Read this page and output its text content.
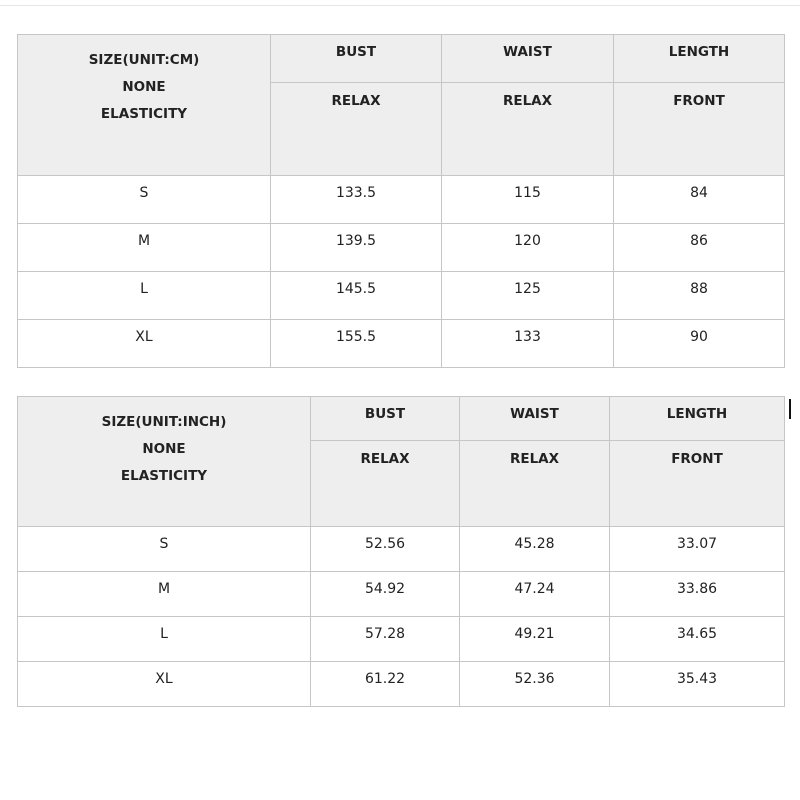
SIZE(UNIT:CM)
NONE
ELASTICITY	BUST	WAIST	LENGTH
	RELAX	RELAX	FRONT
S	133.5	115	84
M	139.5	120	86
L	145.5	125	88
XL	155.5	133	90
SIZE(UNIT:INCH)
NONE
ELASTICITY	BUST	WAIST	LENGTH
	RELAX	RELAX	FRONT
S	52.56	45.28	33.07
M	54.92	47.24	33.86
L	57.28	49.21	34.65
XL	61.22	52.36	35.43
